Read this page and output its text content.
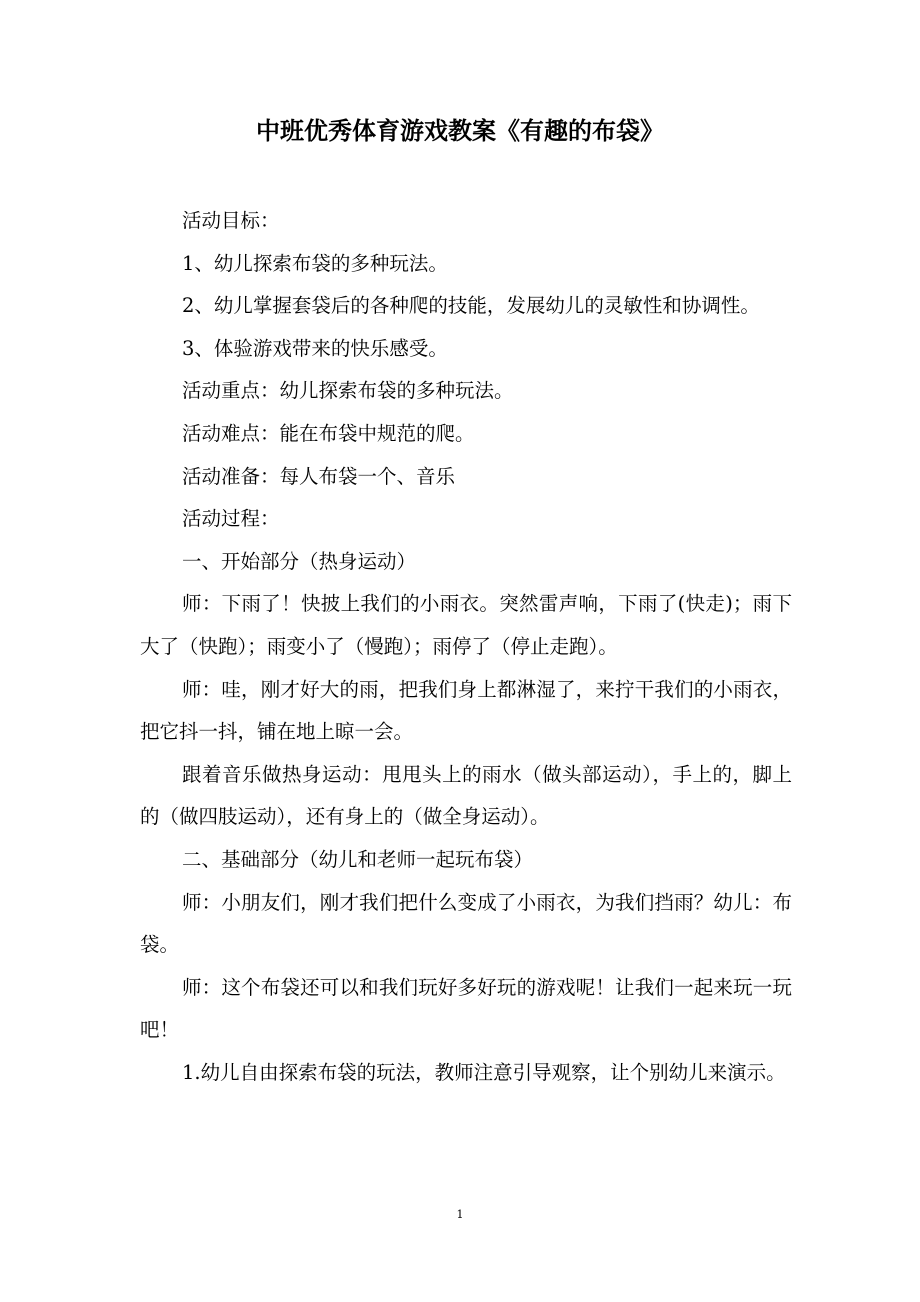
中班优秀体育游戏教案《有趣的布袋》

活动目标：

1、幼儿探索布袋的多种玩法。

2、幼儿掌握套袋后的各种爬的技能，发展幼儿的灵敏性和协调性。

3、体验游戏带来的快乐感受。

活动重点：幼儿探索布袋的多种玩法。

活动难点：能在布袋中规范的爬。

活动准备：每人布袋一个、音乐

活动过程：

一、开始部分（热身运动）

师：下雨了！快披上我们的小雨衣。突然雷声响，下雨了(快走)；雨下大了（快跑）；雨变小了（慢跑）；雨停了（停止走跑）。

师：哇，刚才好大的雨，把我们身上都淋湿了，来拧干我们的小雨衣，把它抖一抖，铺在地上晾一会。

跟着音乐做热身运动：甩甩头上的雨水（做头部运动），手上的，脚上的（做四肢运动），还有身上的（做全身运动）。

二、基础部分（幼儿和老师一起玩布袋）

师：小朋友们，刚才我们把什么变成了小雨衣，为我们挡雨？幼儿：布袋。

师：这个布袋还可以和我们玩好多好玩的游戏呢！让我们一起来玩一玩吧！

1.幼儿自由探索布袋的玩法，教师注意引导观察，让个别幼儿来演示。

1
